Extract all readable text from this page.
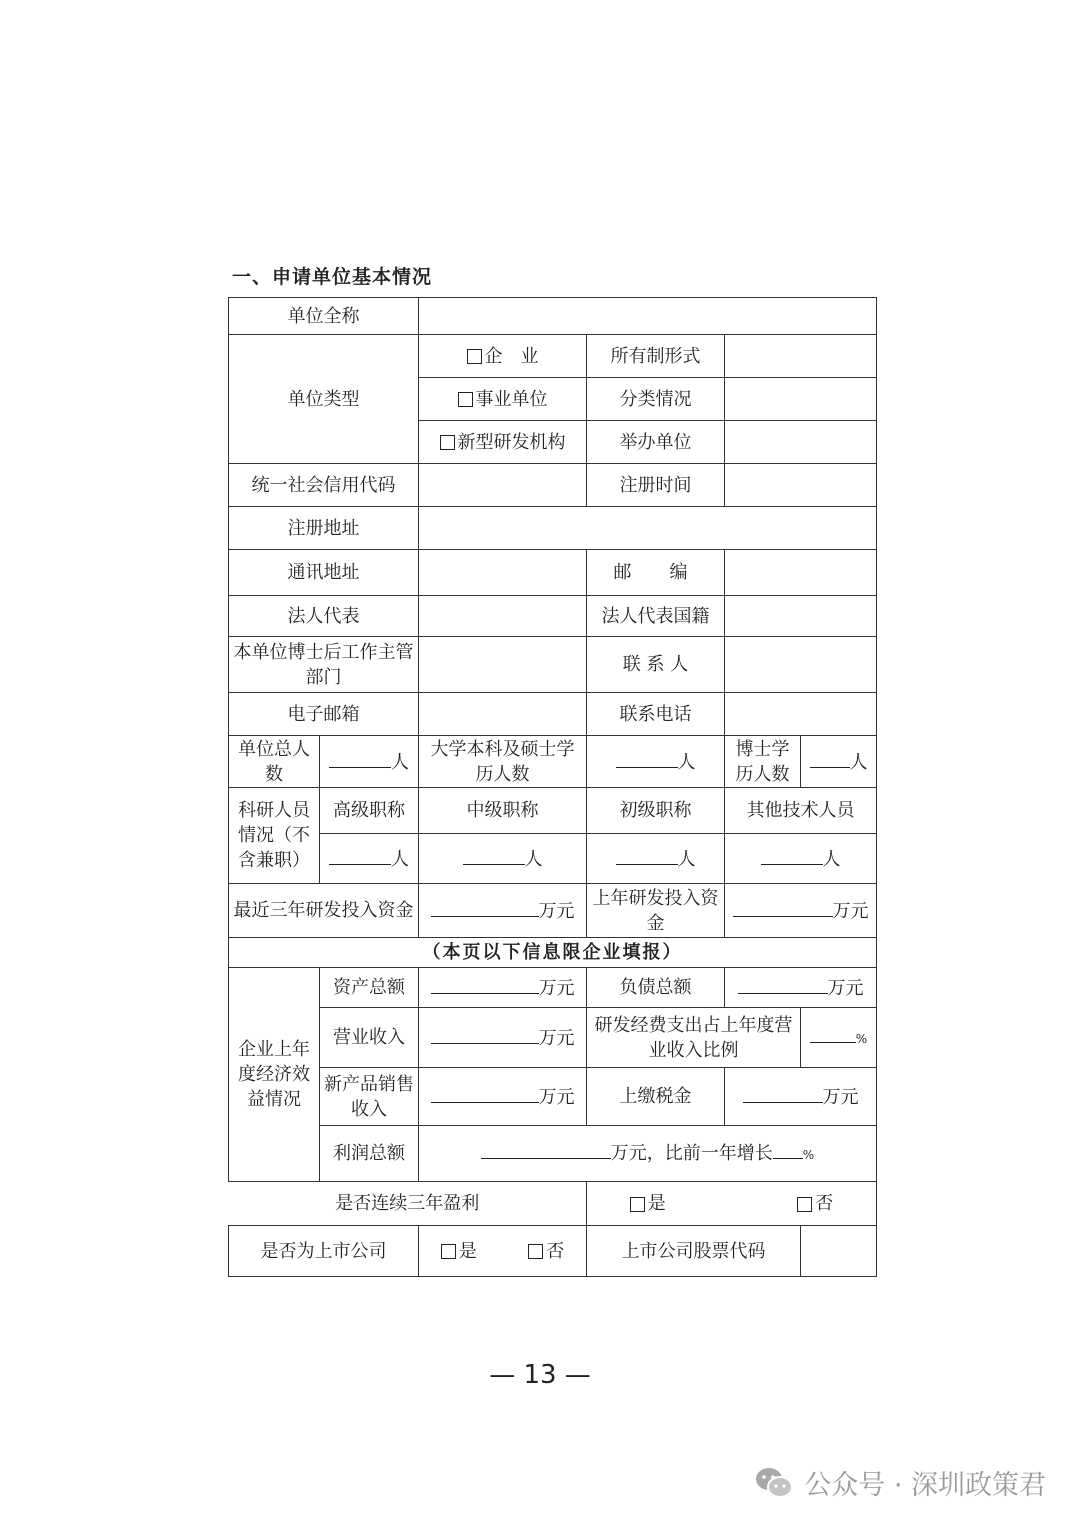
一、申请单位基本情况
单位全称					
单位类型		企　业	所有制形式		
		事业单位	分类情况		
		新型研发机构	举办单位		
统一社会信用代码			注册时间		
注册地址					
通讯地址			邮　编		
法人代表			法人代表国籍		
本单位博士后工作主管部门			联 系 人		
电子邮箱			联系电话		
单位总人数	人	大学本科及硕士学历人数	人	博士学历人数	人
科研人员情况（不含兼职）	高级职称	中级职称	初级职称	其他技术人员	
	人	人	人	人	
最近三年研发投入资金		万元	上年研发投入资金	万元	
（本页以下信息限企业填报）					
企业上年度经济效益情况	资产总额	万元	负债总额	万元	
	营业收入	万元	研发经费支出占上年度营业收入比例		%
	新产品销售收入	万元	上缴税金	万元	
	利润总额	万元，比前一年增长 %			
是否连续三年盈利			是 否		
是否为上市公司		是 否	上市公司股票代码		
— 13 —
公众号 · 深圳政策君
